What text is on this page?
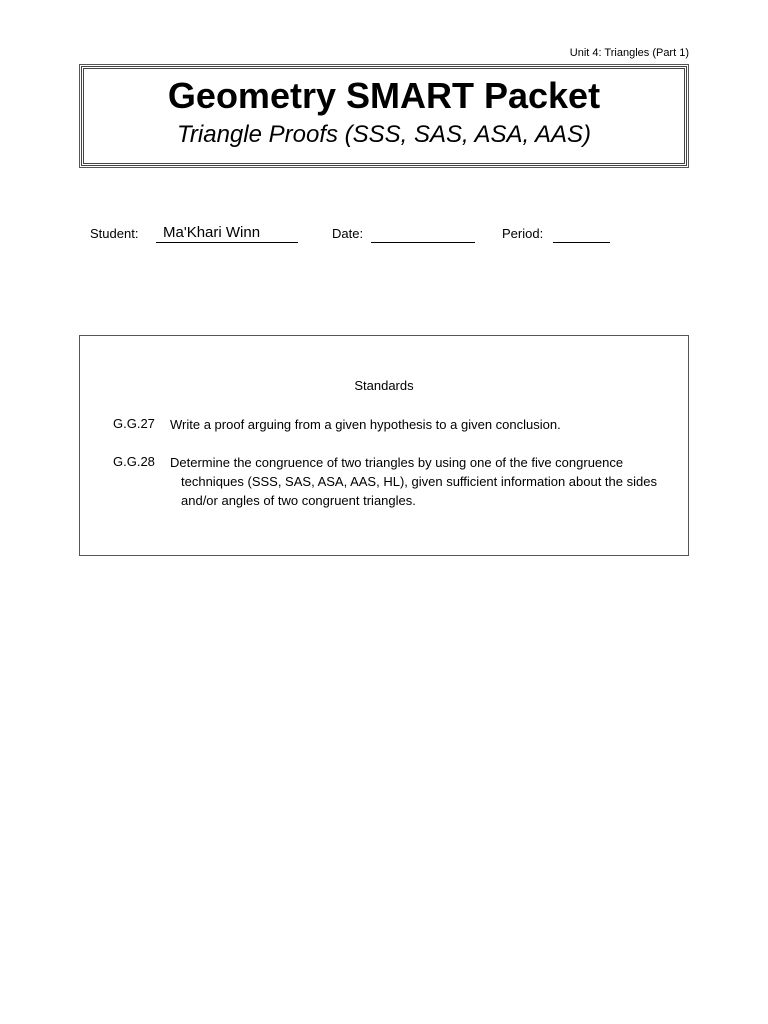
Unit 4: Triangles (Part 1)
Geometry SMART Packet
Triangle Proofs (SSS, SAS, ASA, AAS)
Student: Ma'Khari Winn	Date:	Period:
Standards
G.G.27 Write a proof arguing from a given hypothesis to a given conclusion.
G.G.28 Determine the congruence of two triangles by using one of the five congruence
techniques (SSS, SAS, ASA, AAS, HL), given sufficient information about the sides
and/or angles of two congruent triangles.
